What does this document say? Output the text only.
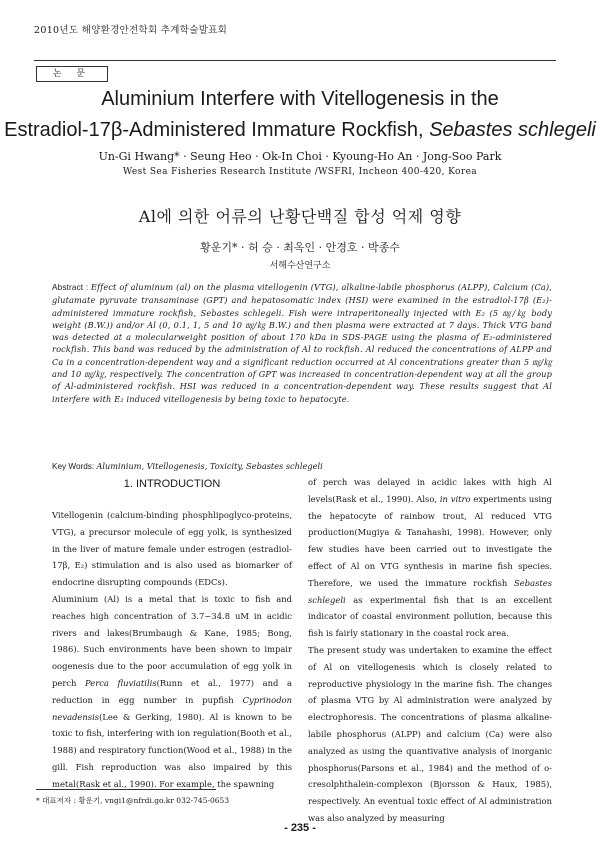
2010년도 해양환경안전학회 추계학술발표회
논 문
Aluminium Interfere with Vitellogenesis in the
Estradiol-17β-Administered Immature Rockfish, Sebastes schlegeli
Un-Gi Hwang* · Seung Heo · Ok-In Choi · Kyoung-Ho An · Jong-Soo Park
West Sea Fisheries Research Institute /WSFRI, Incheon 400-420, Korea
Al에 의한 어류의 난황단백질 합성 억제 영향
황운기* · 허 승 · 최옥인 · 안경호 · 박종수
서해수산연구소
Abstract : Effect of aluminum (al) on the plasma vitellogenin (VTG), alkaline-labile phosphorus (ALPP), Calcium (Ca), glutamate pyruvate transaminase (GPT) and hepatosomatic index (HSI) were examined in the estradiol-17β (E₂)-administered immature rockfish, Sebastes schlegeli. Fish were intraperitoneally injected with E₂ (5 ㎎/㎏ body weight (B.W.)) and/or Al (0, 0.1, 1, 5 and 10 ㎎/㎏ B.W.) and then plasma were extracted at 7 days. Thick VTG band was detected at a molecularweight position of about 170 kDa in SDS-PAGE using the plasma of E₂-administered rockfish. This band was reduced by the administration of Al to rockfish. Al reduced the concentrations of ALPP and Ca in a concentration-dependent way and a significant reduction occurred at Al concentrations greater than 5 ㎎/㎏ and 10 ㎎/㎏, respectively. The concentration of GPT was increased in concentration-dependent way at all the group of Al-administered rockfish. HSI was reduced in a concentration-dependent way. These results suggest that Al interfere with E₂ induced vitellogenesis by being toxic to hepatocyte.
Key Words: Aluminium, Vitellogenesis, Toxicity, Sebastes schlegeli
1. INTRODUCTION

Vitellogenin (calcium-binding phosphlipoglyco-proteins, VTG), a precursor molecule of egg yolk, is synthesized in the liver of mature female under estrogen (estradiol-17β, E₂) stimulation and is also used as biomarker of endocrine disrupting compounds (EDCs).

Aluminium (Al) is a metal that is toxic to fish and reaches high concentration of 3.7~34.8 uM in acidic rivers and lakes(Brumbaugh & Kane, 1985; Bong, 1986). Such environments have been shown to impair oogenesis due to the poor accumulation of egg yolk in perch Perca fluviatilis(Runn et al., 1977) and a reduction in egg number in pupfish Cyprinodon nevadensis(Lee & Gerking, 1980). Al is known to be toxic to fish, interfering with ion regulation(Booth et al., 1988) and respiratory function(Wood et al., 1988) in the gill. Fish reproduction was also impaired by this metal(Rask et al., 1990). For example, the spawning

of perch was delayed in acidic lakes with high Al levels(Rask et al., 1990). Also, in vitro experiments using the hepatocyte of rainbow trout, Al reduced VTG production(Mugiya & Tanahashi, 1998). However, only few studies have been carried out to investigate the effect of Al on VTG synthesis in marine fish species. Therefore, we used the immature rockfish Sebastes schlegeli as experimental fish that is an excellent indicator of coastal environment pollution, because this fish is fairly stationary in the coastal rock area.

The present study was undertaken to examine the effect of Al on vitellogenesis which is closely related to reproductive physiology in the marine fish. The changes of plasma VTG by Al administration were analyzed by electrophoresis. The concentrations of plasma alkaline-labile phosphorus (ALPP) and calcium (Ca) were also analyzed as using the quantivative analysis of inorganic phosphorus(Parsons et al., 1984) and the method of o-cresolphthalein-complexon (Bjorsson & Haux, 1985), respectively. An eventual toxic effect of Al administration was also analyzed by measuring

* 대표저자 : 황운기, vngi1@nfrdi.go.kr 032-745-0653
- 235 -
